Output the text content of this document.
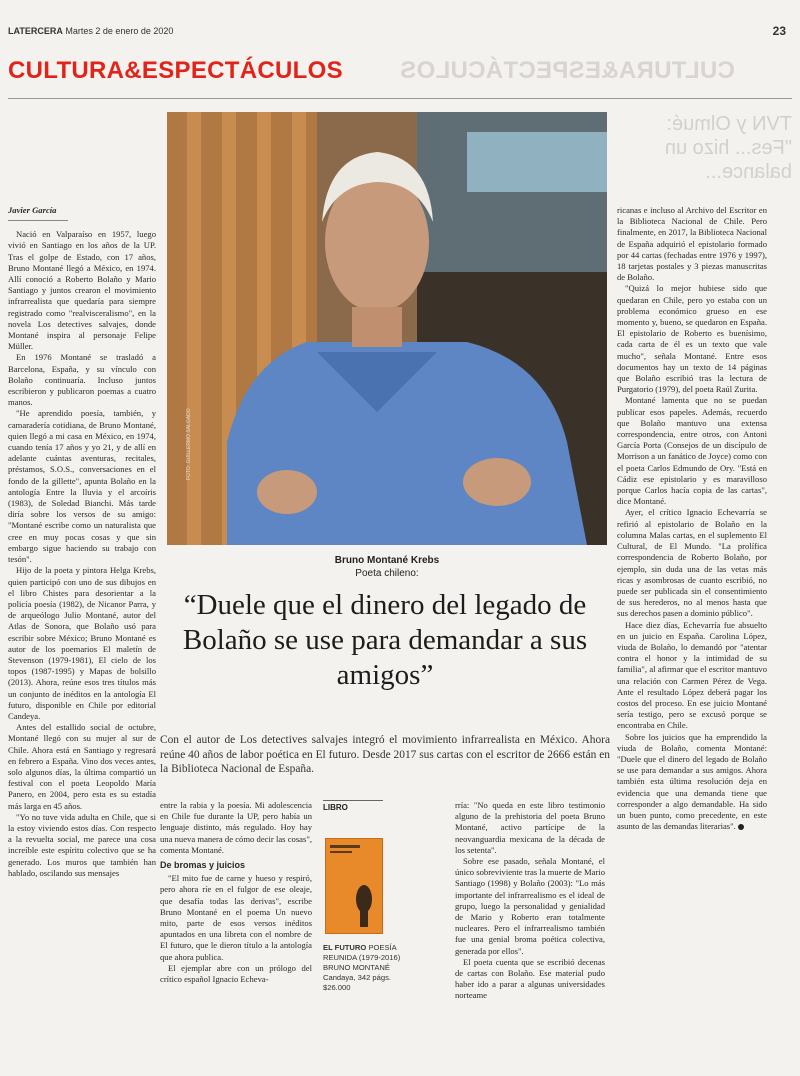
LATERCERA Martes 2 de enero de 2020	23
CULTURA&ESPECTÁCULOS CULTURA&ESPECTÁCULOS
TVN y Olmué: "Fes... hizo un balance...

Javier García

Nació en Valparaíso en 1957, luego vivió en Santiago en los años de la UP. Tras el golpe de Estado, con 17 años, Bruno Montané llegó a México, en 1974. Allí conoció a Roberto Bolaño y Mario Santiago y juntos crearon el movimiento infrarrealista que quedaría para siempre registrado como "realvisceralismo", en la novela Los detectives salvajes, donde Montané inspira al personaje Felipe Müller.

En 1976 Montané se trasladó a Barcelona, España, y su vínculo con Bolaño continuaría. Incluso juntos escribieron y publicaron poemas a cuatro manos.

"He aprendido poesía, también, y camaradería cotidiana, de Bruno Montané, quien llegó a mi casa en México, en 1974, cuando tenía 17 años y yo 21, y de allí en adelante cuántas aventuras, recitales, préstamos, S.O.S., conversaciones en el fondo de la gillette", apunta Bolaño en la antología Entre la lluvia y el arcoíris (1983), de Soledad Bianchi. Más tarde diría sobre los versos de su amigo: "Montané escribe como un naturalista que cree en muy pocas cosas y que sin embargo sigue haciendo su trabajo con tesón".

Hijo de la poeta y pintora Helga Krebs, quien participó con uno de sus dibujos en el libro Chistes para desorientar a la policía poesía (1982), de Nicanor Parra, y de arqueólogo Julio Montané, autor del Atlas de Sonora, que Bolaño usó para escribir sobre México; Bruno Montané es autor de los poemarios El maletín de Stevenson (1979-1981), El cielo de los topos (1987-1995) y Mapas de bolsillo (2013). Ahora, reúne esos tres títulos más un conjunto de inéditos en la antología El futuro, disponible en Chile por editorial Candeya.

Antes del estallido social de octubre, Montané llegó con su mujer al sur de Chile. Ahora está en Santiago y regresará en febrero a España. Vino dos veces antes, solo algunos días, la última compartió un festival con el poeta Leopoldo María Panero, en 2004, pero esta es su estadía más larga en 45 años.

"Yo no tuve vida adulta en Chile, que si la estoy viviendo estos días. Con respecto a la revuelta social, me parece una cosa increíble este espíritu colectivo que se ha generado. Los muros que también han hablado, oscilando sus mensajes

FOTO: GUILLERMO SALGADO
Bruno Montané Krebs
Poeta chileno:
“Duele que el dinero del legado de Bolaño se use para demandar a sus amigos”
Con el autor de Los detectives salvajes integró el movimiento infrarrealista en México. Ahora reúne 40 años de labor poética en El futuro. Desde 2017 sus cartas con el escritor de 2666 están en la Biblioteca Nacional de España.

entre la rabia y la poesía. Mi adolescencia en Chile fue durante la UP, pero había un lenguaje distinto, más regulado. Hoy hay una nueva manera de cómo decir las cosas", comenta Montané.

De bromas y juicios

"El mito fue de carne y hueso y respiró, pero ahora ríe en el fulgor de ese oleaje, que desafía todas las derivas", escribe Bruno Montané en el poema Un nuevo mito, parte de esos versos inéditos apuntados en una libreta con el nombre de El futuro, que le dieron título a la antología que ahora publica.

El ejemplar abre con un prólogo del crítico español Ignacio Echeva-

LIBRO
EL FUTURO POESÍA REUNIDA (1979-2016)
BRUNO MONTANÉ
Candaya, 342 págs.
$26.000

rría: "No queda en este libro testimonio alguno de la prehistoria del poeta Bruno Montané, activo partícipe de la neovanguardia mexicana de la década de los setenta".

Sobre ese pasado, señala Montané, el único sobreviviente tras la muerte de Mario Santiago (1998) y Bolaño (2003): "Lo más importante del infrarrealismo es el ideal de grupo, luego la personalidad y genialidad de Mario y Roberto eran totalmente nucleares. Pero el infrarrealismo también fue una genial broma poética colectiva, generada por ellos".

El poeta cuenta que se escribió decenas de cartas con Bolaño. Ese material pudo haber ido a parar a algunas universidades norteame

ricanas e incluso al Archivo del Escritor en la Biblioteca Nacional de Chile. Pero finalmente, en 2017, la Biblioteca Nacional de España adquirió el epistolario formado por 44 cartas (fechadas entre 1976 y 1997), 18 tarjetas postales y 3 piezas manuscritas de Bolaño.

"Quizá lo mejor hubiese sido que quedaran en Chile, pero yo estaba con un problema económico grueso en ese momento y, bueno, se quedaron en España. El epistolario de Roberto es buenísimo, cada carta de él es un texto que vale mucho", señala Montané. Entre esos documentos hay un texto de 14 páginas que Bolaño escribió tras la lectura de Purgatorio (1979), del poeta Raúl Zurita.

Montané lamenta que no se puedan publicar esos papeles. Además, recuerdo que Bolaño mantuvo una extensa correspondencia, entre otros, con Antoni García Porta (Consejos de un discípulo de Morrison a un fanático de Joyce) como con el poeta Carlos Edmundo de Ory. "Está en Cádiz ese epistolario y es maravilloso porque Carlos hacía copia de las cartas", dice Montané.

Ayer, el crítico Ignacio Echevarría se refirió al epistolario de Bolaño en la columna Malas cartas, en el suplemento El Cultural, de El Mundo. "La prolífica correspondencia de Roberto Bolaño, por ejemplo, sin duda una de las vetas más ricas y asombrosas de cuanto escribió, no puede ser publicada sin el consentimiento de sus herederos, no al menos hasta que sus derechos pasen a dominio público".

Hace diez días, Echevarría fue absuelto en un juicio en España. Carolina López, viuda de Bolaño, lo demandó por "atentar contra el honor y la intimidad de su familia", al afirmar que el escritor mantuvo una relación con Carmen Pérez de Vega. Ante el resultado López deberá pagar los costos del proceso. En ese juicio Montané sería testigo, pero se excusó porque se encontraba en Chile.

Sobre los juicios que ha emprendido la viuda de Bolaño, comenta Montané: "Duele que el dinero del legado de Bolaño se use para demandar a sus amigos. Ahora también esta última resolución deja en evidencia que una demanda tiene que corresponder a algo demandable. Ha sido un buen punto, como precedente, en este asunto de las demandas literarias".
